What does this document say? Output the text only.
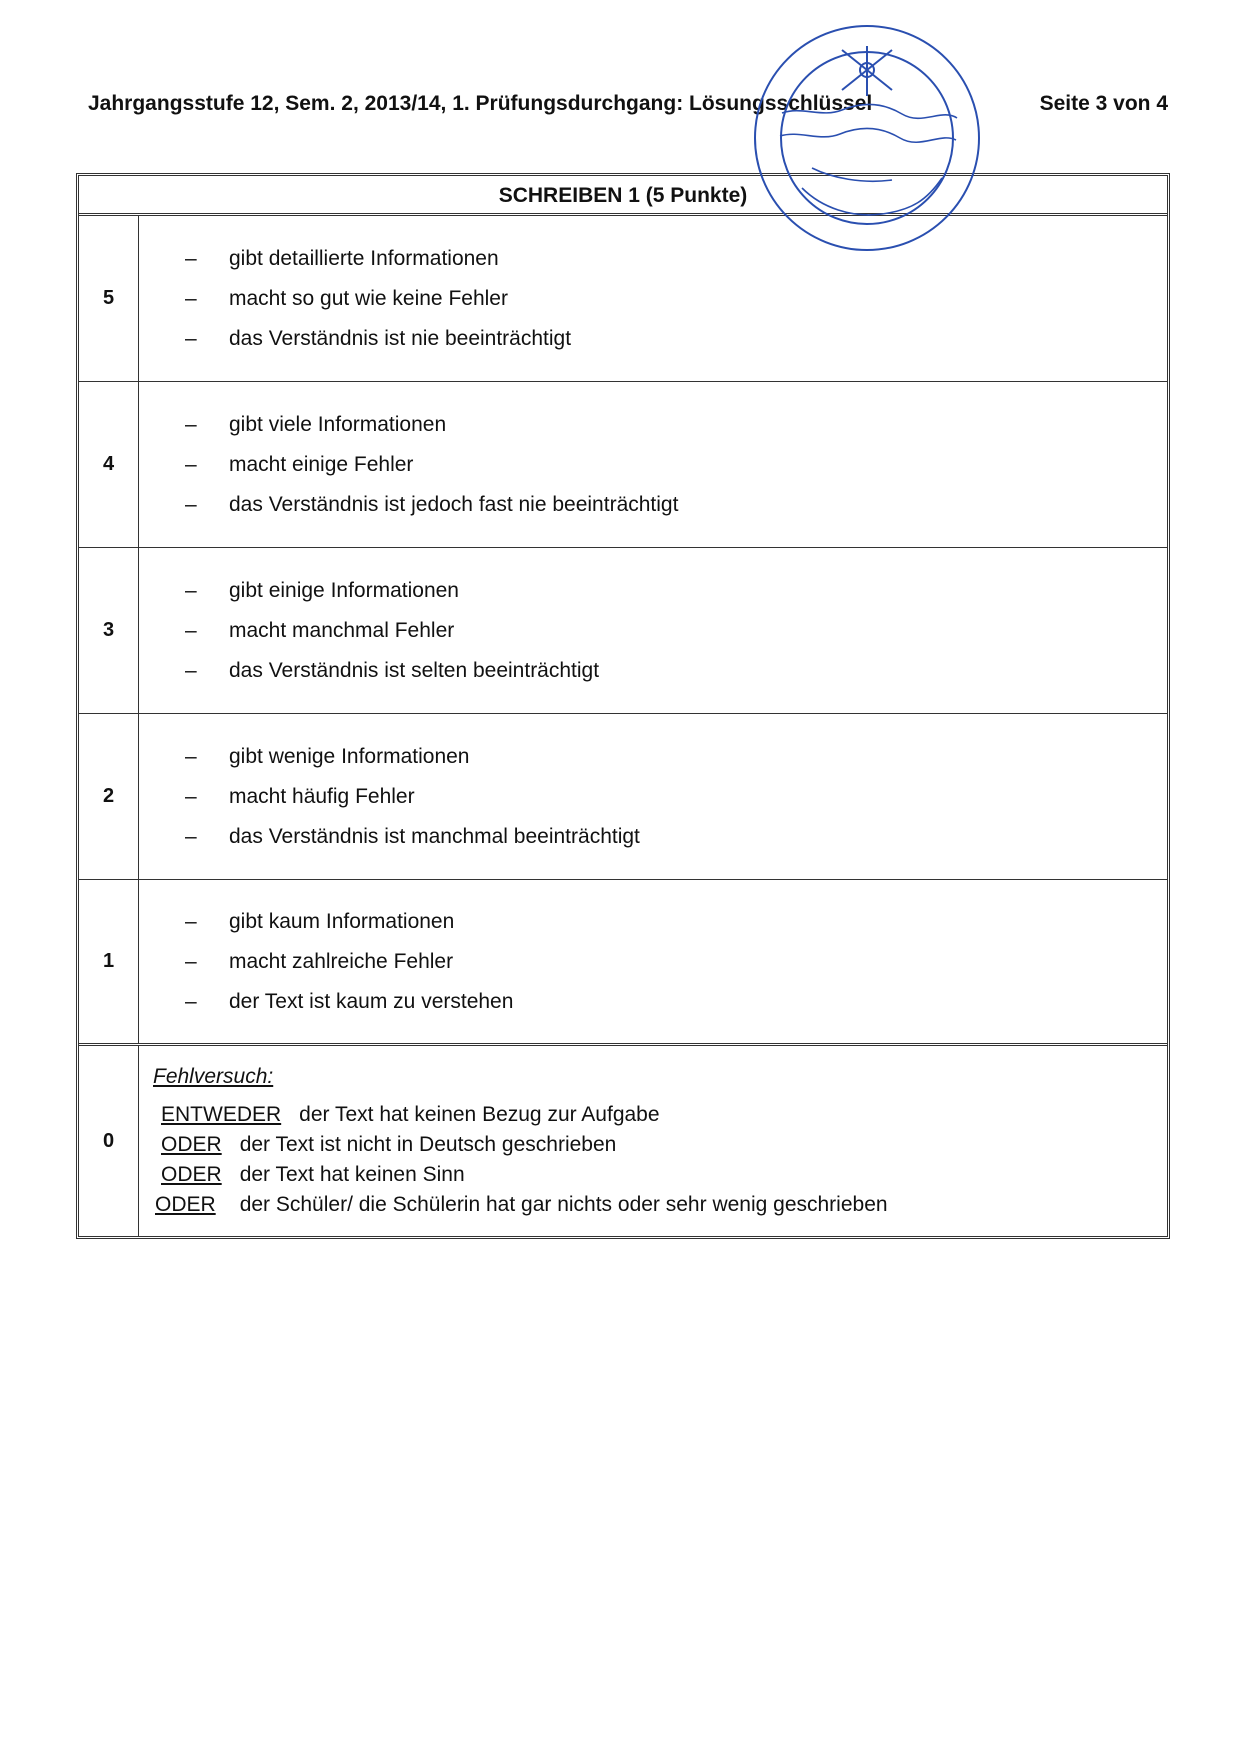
Jahrgangsstufe 12, Sem. 2, 2013/14, 1. Prüfungsdurchgang: Lösungsschlüssel	Seite 3 von 4
SCHREIBEN 1 (5 Punkte)
5
–	gibt detaillierte Informationen
–	macht so gut wie keine Fehler
–	das Verständnis ist nie beeinträchtigt
4
–	gibt viele Informationen
–	macht einige Fehler
–	das Verständnis ist jedoch fast nie beeinträchtigt
3
–	gibt einige Informationen
–	macht manchmal Fehler
–	das Verständnis ist selten beeinträchtigt
2
–	gibt wenige Informationen
–	macht häufig Fehler
–	das Verständnis ist manchmal beeinträchtigt
1
–	gibt kaum Informationen
–	macht zahlreiche Fehler
–	der Text ist kaum zu verstehen
0
Fehlversuch:
ENTWEDER der Text hat keinen Bezug zur Aufgabe
ODER der Text ist nicht in Deutsch geschrieben
ODER der Text hat keinen Sinn
ODER der Schüler/ die Schülerin hat gar nichts oder sehr wenig geschrieben
